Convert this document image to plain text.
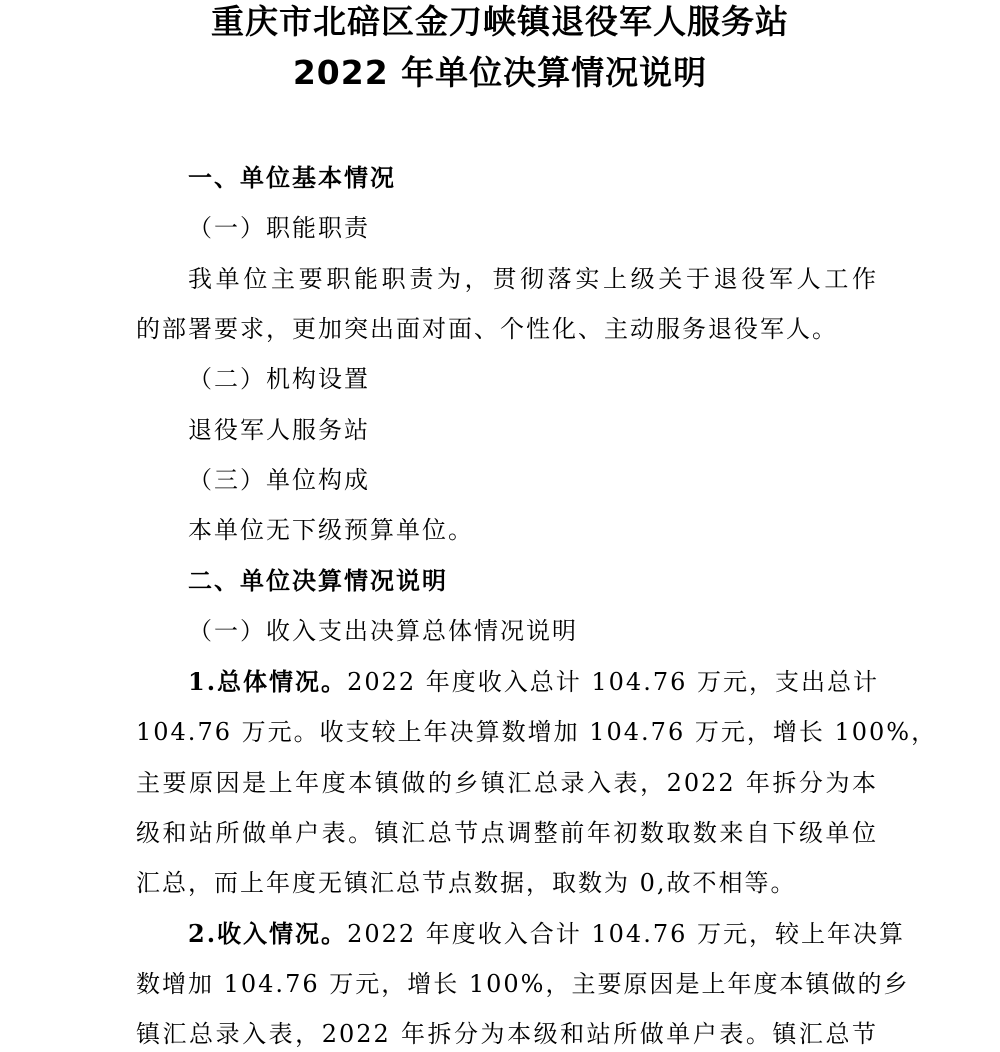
重庆市北碚区金刀峡镇退役军人服务站
2022 年单位决算情况说明
一、单位基本情况
（一）职能职责
我单位主要职能职责为，贯彻落实上级关于退役军人工作
的部署要求，更加突出面对面、个性化、主动服务退役军人。
（二）机构设置
退役军人服务站
（三）单位构成
本单位无下级预算单位。
二、单位决算情况说明
（一）收入支出决算总体情况说明
1.总体情况。2022 年度收入总计 104.76 万元，支出总计
104.76 万元。收支较上年决算数增加 104.76 万元，增长 100%，
主要原因是上年度本镇做的乡镇汇总录入表，2022 年拆分为本
级和站所做单户表。镇汇总节点调整前年初数取数来自下级单位
汇总，而上年度无镇汇总节点数据，取数为 0,故不相等。
2.收入情况。2022 年度收入合计 104.76 万元，较上年决算
数增加 104.76 万元，增长 100%，主要原因是上年度本镇做的乡
镇汇总录入表，2022 年拆分为本级和站所做单户表。镇汇总节
